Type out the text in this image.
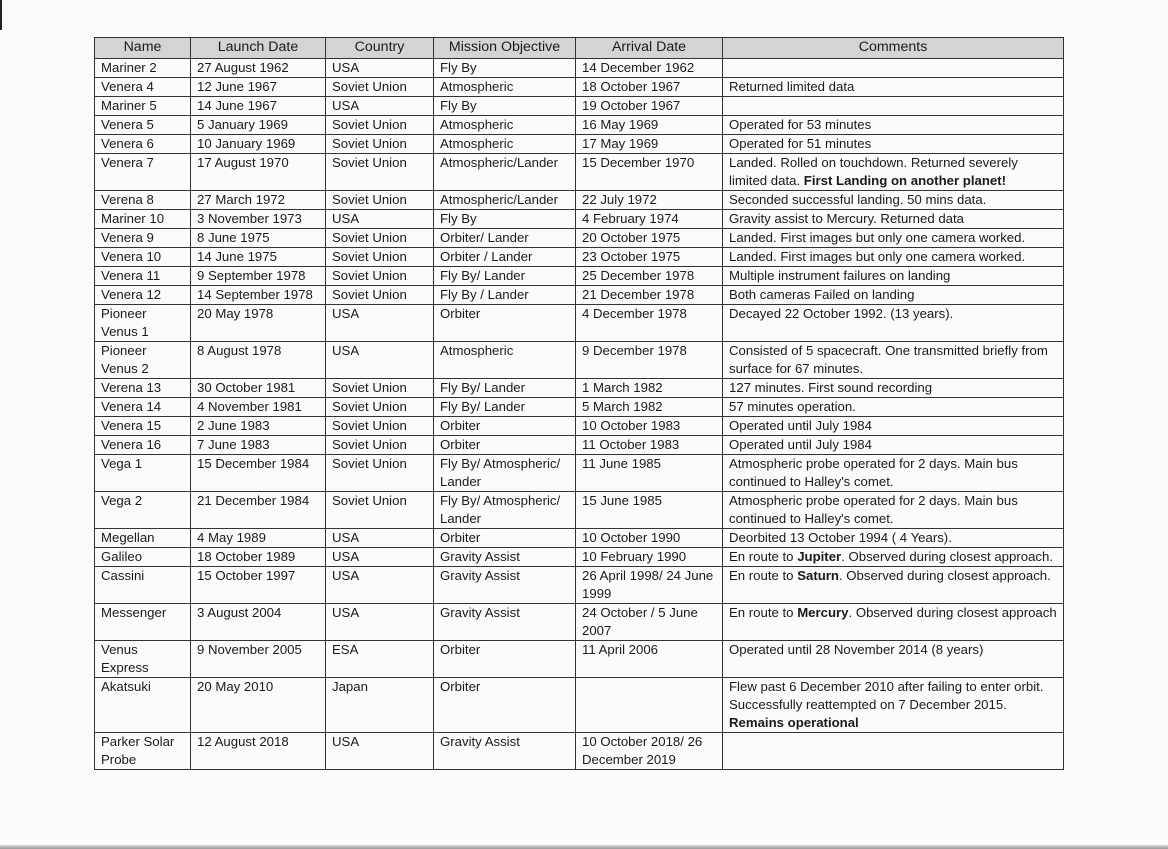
Name	Launch Date	Country	Mission Objective	Arrival Date	Comments
Mariner 2	27 August 1962	USA	Fly By	14 December 1962	
Venera 4	12 June 1967	Soviet Union	Atmospheric	18 October 1967	Returned limited data
Mariner 5	14 June 1967	USA	Fly By	19 October 1967	
Venera 5	5 January 1969	Soviet Union	Atmospheric	16 May 1969	Operated for 53 minutes
Venera 6	10 January 1969	Soviet Union	Atmospheric	17 May 1969	Operated for 51 minutes
Venera 7	17 August 1970	Soviet Union	Atmospheric/Lander	15 December 1970	Landed. Rolled on touchdown. Returned severely limited data. First Landing on another planet!
Verena 8	27 March 1972	Soviet Union	Atmospheric/Lander	22 July 1972	Seconded successful landing. 50 mins data.
Mariner 10	3 November 1973	USA	Fly By	4 February 1974	Gravity assist to Mercury. Returned data
Venera 9	8 June 1975	Soviet Union	Orbiter/ Lander	20 October 1975	Landed. First images but only one camera worked.
Venera 10	14 June 1975	Soviet Union	Orbiter / Lander	23 October 1975	Landed. First images but only one camera worked.
Venera 11	9 September 1978	Soviet Union	Fly By/ Lander	25 December 1978	Multiple instrument failures on landing
Venera 12	14 September 1978	Soviet Union	Fly By / Lander	21 December 1978	Both cameras Failed on landing
Pioneer Venus 1	20 May 1978	USA	Orbiter	4 December 1978	Decayed 22 October 1992. (13 years).
Pioneer Venus 2	8 August 1978	USA	Atmospheric	9 December 1978	Consisted of 5 spacecraft. One transmitted briefly from surface for 67 minutes.
Verena 13	30 October 1981	Soviet Union	Fly By/ Lander	1 March 1982	127 minutes. First sound recording
Venera 14	4 November 1981	Soviet Union	Fly By/ Lander	5 March 1982	57 minutes operation.
Venera 15	2 June 1983	Soviet Union	Orbiter	10 October 1983	Operated until July 1984
Venera 16	7 June 1983	Soviet Union	Orbiter	11 October 1983	Operated until July 1984
Vega 1	15 December 1984	Soviet Union	Fly By/ Atmospheric/ Lander	11 June 1985	Atmospheric probe operated for 2 days. Main bus continued to Halley's comet.
Vega 2	21 December 1984	Soviet Union	Fly By/ Atmospheric/ Lander	15 June 1985	Atmospheric probe operated for 2 days. Main bus continued to Halley's comet.
Megellan	4 May 1989	USA	Orbiter	10 October 1990	Deorbited 13 October 1994 ( 4 Years).
Galileo	18 October 1989	USA	Gravity Assist	10 February 1990	En route to Jupiter. Observed during closest approach.
Cassini	15 October 1997	USA	Gravity Assist	26 April 1998/ 24 June 1999	En route to Saturn. Observed during closest approach.
Messenger	3 August 2004	USA	Gravity Assist	24 October / 5 June 2007	En route to Mercury. Observed during closest approach
Venus Express	9 November 2005	ESA	Orbiter	11 April 2006	Operated until 28 November 2014 (8 years)
Akatsuki	20 May 2010	Japan	Orbiter		Flew past 6 December 2010 after failing to enter orbit. Successfully reattempted on 7 December 2015. Remains operational
Parker Solar Probe	12 August 2018	USA	Gravity Assist	10 October 2018/ 26 December 2019	
